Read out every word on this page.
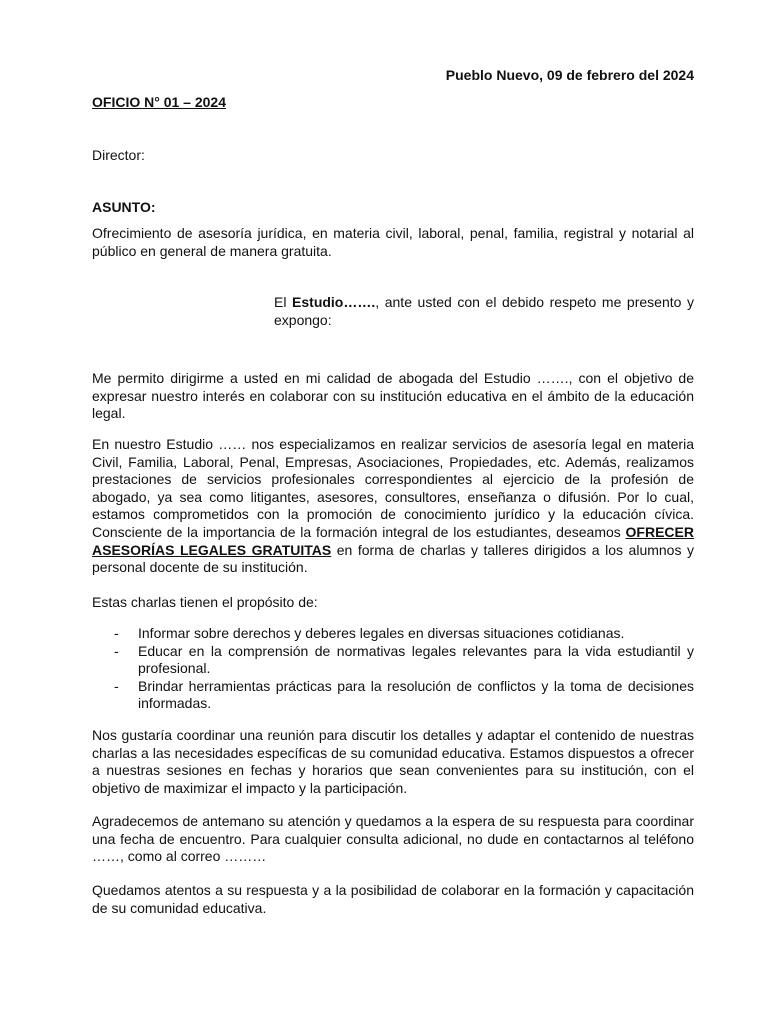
Pueblo Nuevo, 09 de febrero del 2024
OFICIO N° 01 – 2024
Director:
ASUNTO:
Ofrecimiento de asesoría jurídica, en materia civil, laboral, penal, familia, registral y notarial al público en general de manera gratuita.
El Estudio……., ante usted con el debido respeto me presento y expongo:
Me permito dirigirme a usted en mi calidad de abogada del Estudio ……., con el objetivo de expresar nuestro interés en colaborar con su institución educativa en el ámbito de la educación legal.
En nuestro Estudio …… nos especializamos en realizar servicios de asesoría legal en materia Civil, Familia, Laboral, Penal, Empresas, Asociaciones, Propiedades, etc. Además, realizamos prestaciones de servicios profesionales correspondientes al ejercicio de la profesión de abogado, ya sea como litigantes, asesores, consultores, enseñanza o difusión. Por lo cual, estamos comprometidos con la promoción de conocimiento jurídico y la educación cívica. Consciente de la importancia de la formación integral de los estudiantes, deseamos OFRECER ASESORÍAS LEGALES GRATUITAS en forma de charlas y talleres dirigidos a los alumnos y personal docente de su institución.
Estas charlas tienen el propósito de:
- Informar sobre derechos y deberes legales en diversas situaciones cotidianas.
- Educar en la comprensión de normativas legales relevantes para la vida estudiantil y profesional.
- Brindar herramientas prácticas para la resolución de conflictos y la toma de decisiones informadas.
Nos gustaría coordinar una reunión para discutir los detalles y adaptar el contenido de nuestras charlas a las necesidades específicas de su comunidad educativa. Estamos dispuestos a ofrecer a nuestras sesiones en fechas y horarios que sean convenientes para su institución, con el objetivo de maximizar el impacto y la participación.
Agradecemos de antemano su atención y quedamos a la espera de su respuesta para coordinar una fecha de encuentro. Para cualquier consulta adicional, no dude en contactarnos al teléfono ……, como al correo ………
Quedamos atentos a su respuesta y a la posibilidad de colaborar en la formación y capacitación de su comunidad educativa.
